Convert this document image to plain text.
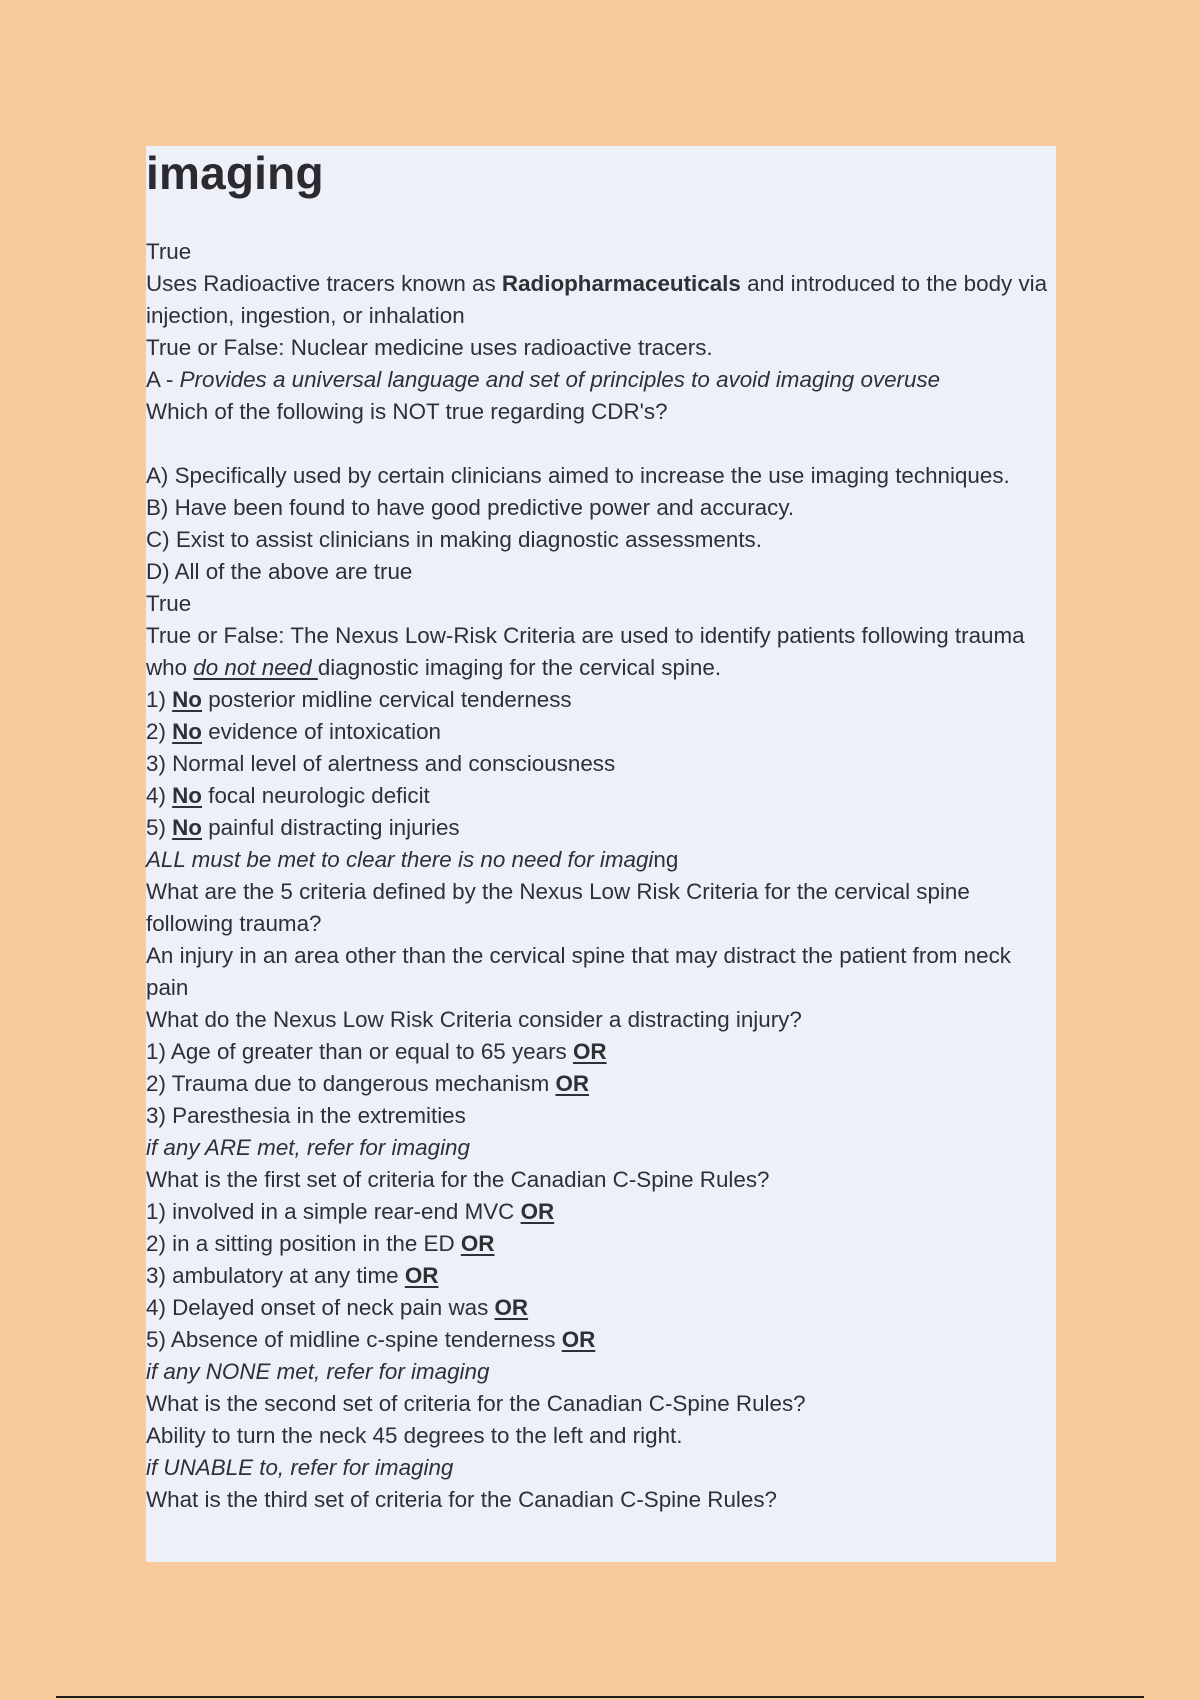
imaging
True
Uses Radioactive tracers known as Radiopharmaceuticals and introduced to the body via injection, ingestion, or inhalation
True or False: Nuclear medicine uses radioactive tracers.
A - Provides a universal language and set of principles to avoid imaging overuse
Which of the following is NOT true regarding CDR's?
A) Specifically used by certain clinicians aimed to increase the use imaging techniques.
B) Have been found to have good predictive power and accuracy.
C) Exist to assist clinicians in making diagnostic assessments.
D) All of the above are true
True
True or False: The Nexus Low-Risk Criteria are used to identify patients following trauma who do not need diagnostic imaging for the cervical spine.
1) No posterior midline cervical tenderness
2) No evidence of intoxication
3) Normal level of alertness and consciousness
4) No focal neurologic deficit
5) No painful distracting injuries
ALL must be met to clear there is no need for imaging
What are the 5 criteria defined by the Nexus Low Risk Criteria for the cervical spine following trauma?
An injury in an area other than the cervical spine that may distract the patient from neck pain
What do the Nexus Low Risk Criteria consider a distracting injury?
1) Age of greater than or equal to 65 years OR
2) Trauma due to dangerous mechanism OR
3) Paresthesia in the extremities
if any ARE met, refer for imaging
What is the first set of criteria for the Canadian C-Spine Rules?
1) involved in a simple rear-end MVC OR
2) in a sitting position in the ED OR
3) ambulatory at any time OR
4) Delayed onset of neck pain was OR
5) Absence of midline c-spine tenderness OR
if any NONE met, refer for imaging
What is the second set of criteria for the Canadian C-Spine Rules?
Ability to turn the neck 45 degrees to the left and right.
if UNABLE to, refer for imaging
What is the third set of criteria for the Canadian C-Spine Rules?
